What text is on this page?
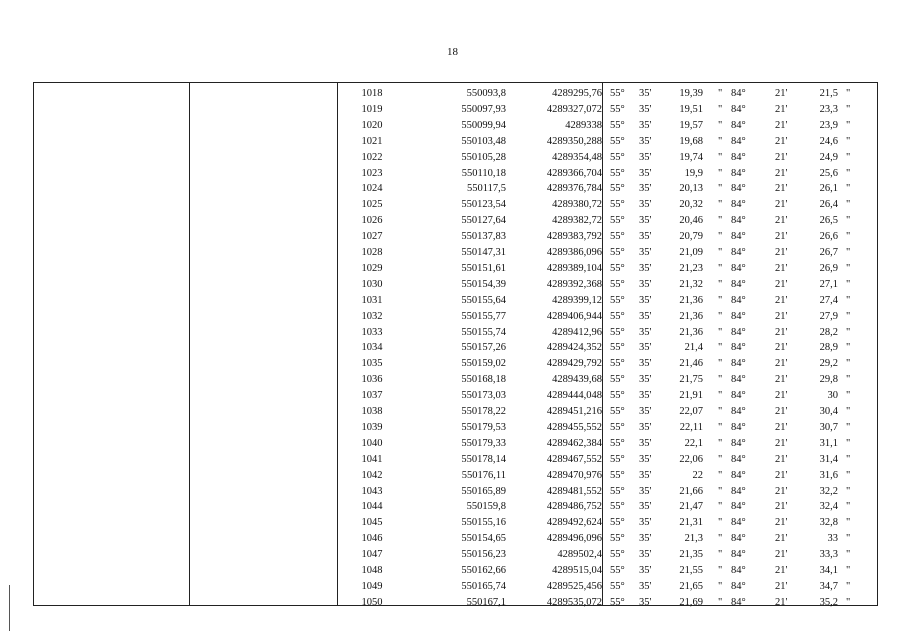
18
1018	550093,8	4289295,76 55°	35'	19,39 " 84°	21'	21,5 "
1019	550097,93	4289327,072 55°	35'	19,51 " 84°	21'	23,3 "
1020	550099,94	4289338 55°	35'	19,57 " 84°	21'	23,9 "
1021	550103,48	4289350,288 55°	35'	19,68 " 84°	21'	24,6 "
1022	550105,28	4289354,48 55°	35'	19,74 " 84°	21'	24,9 "
1023	550110,18	4289366,704 55°	35'	19,9 " 84°	21'	25,6 "
1024	550117,5	4289376,784 55°	35'	20,13 " 84°	21'	26,1 "
1025	550123,54	4289380,72 55°	35'	20,32 " 84°	21'	26,4 "
1026	550127,64	4289382,72 55°	35'	20,46 " 84°	21'	26,5 "
1027	550137,83	4289383,792 55°	35'	20,79 " 84°	21'	26,6 "
1028	550147,31	4289386,096 55°	35'	21,09 " 84°	21'	26,7 "
1029	550151,61	4289389,104 55°	35'	21,23 " 84°	21'	26,9 "
1030	550154,39	4289392,368 55°	35'	21,32 " 84°	21'	27,1 "
1031	550155,64	4289399,12 55°	35'	21,36 " 84°	21'	27,4 "
1032	550155,77	4289406,944 55°	35'	21,36 " 84°	21'	27,9 "
1033	550155,74	4289412,96 55°	35'	21,36 " 84°	21'	28,2 "
1034	550157,26	4289424,352 55°	35'	21,4 " 84°	21'	28,9 "
1035	550159,02	4289429,792 55°	35'	21,46 " 84°	21'	29,2 "
1036	550168,18	4289439,68 55°	35'	21,75 " 84°	21'	29,8 "
1037	550173,03	4289444,048 55°	35'	21,91 " 84°	21'	30 "
1038	550178,22	4289451,216 55°	35'	22,07 " 84°	21'	30,4 "
1039	550179,53	4289455,552 55°	35'	22,11 " 84°	21'	30,7 "
1040	550179,33	4289462,384 55°	35'	22,1 " 84°	21'	31,1 "
1041	550178,14	4289467,552 55°	35'	22,06 " 84°	21'	31,4 "
1042	550176,11	4289470,976 55°	35'	22 " 84°	21'	31,6 "
1043	550165,89	4289481,552 55°	35'	21,66 " 84°	21'	32,2 "
1044	550159,8	4289486,752 55°	35'	21,47 " 84°	21'	32,4 "
1045	550155,16	4289492,624 55°	35'	21,31 " 84°	21'	32,8 "
1046	550154,65	4289496,096 55°	35'	21,3 " 84°	21'	33 "
1047	550156,23	4289502,4 55°	35'	21,35 " 84°	21'	33,3 "
1048	550162,66	4289515,04 55°	35'	21,55 " 84°	21'	34,1 "
1049	550165,74	4289525,456 55°	35'	21,65 " 84°	21'	34,7 "
1050	550167,1	4289535,072 55°	35'	21,69 " 84°	21'	35,2 "
